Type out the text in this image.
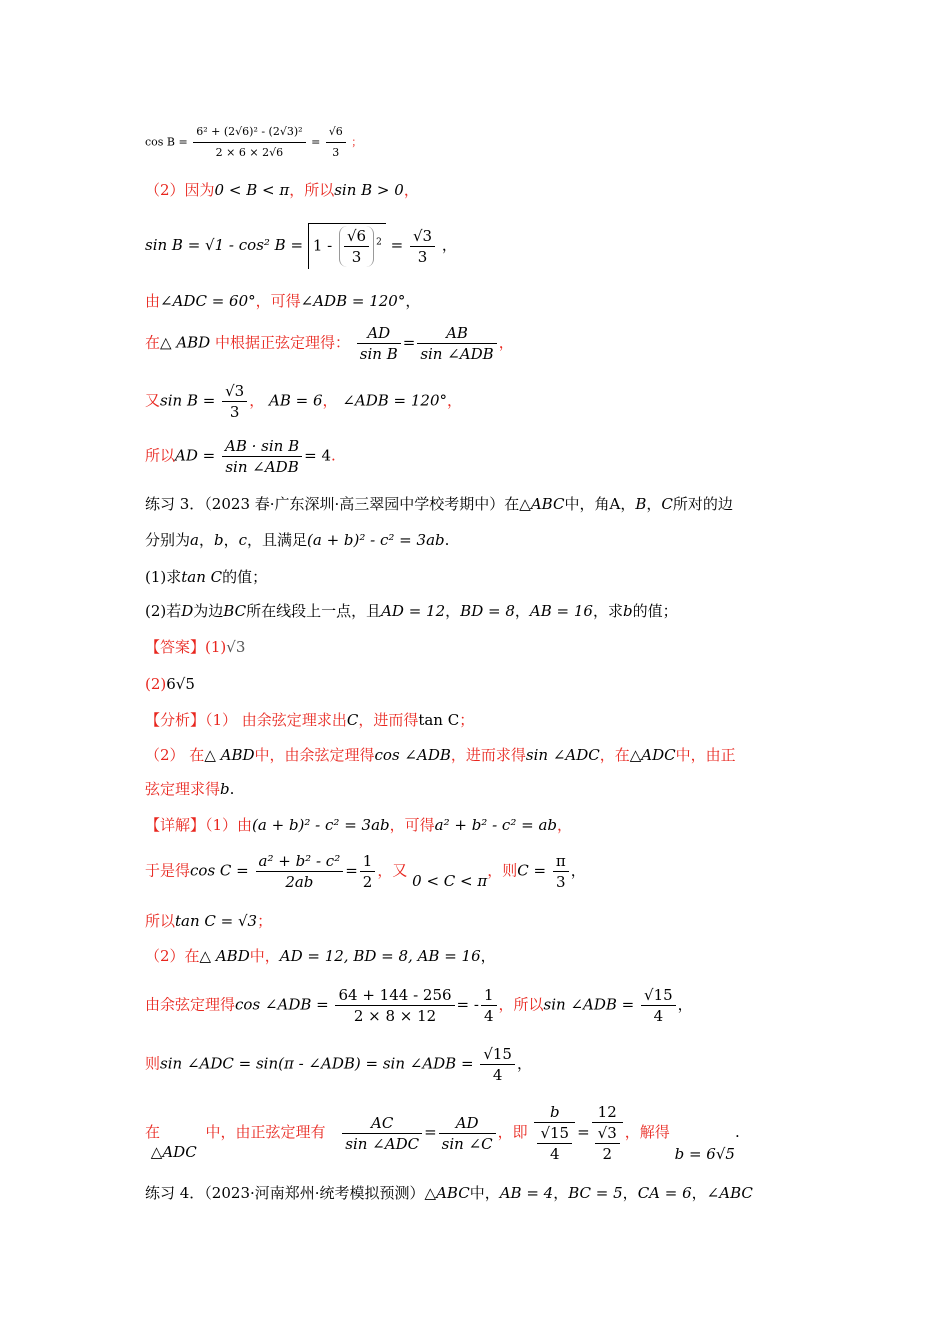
$\cos B = \frac{\text{6² + (2√6)² - (2√3)²}}{2 \times 6 \times 2√6} = \frac{√6}{3}$ ；
（2）因为0 < B < π，所以sin B > 0，
sin B = √1 - cos² $B = 1 - \frac{√6}{3} ^2 = \frac{√3}{3}$ ，
由∠ADC = 60°，可得∠ADB = 120°，
在△ ABD 中根据正弦定理得： $\frac{AD}{\text{sin B}} = \frac{AB}{\text{sin ∠ADB}}$ ，
又$\sin B = \frac{√3}{3}$ ， AB = 6， ∠ADB = 120°，
所以AD = $\frac{\text{AB · sin B}}{\text{sin ∠ADB}} = 4$.
练习 3．（2023 春·广东深圳·高三翠园中学校考期中）在△ABC中，角A，B，C所对的边
分别为a，b，c，且满足(a + b)² - c² = 3ab.
(1)求tan C的值；
(2)若D为边BC所在线段上一点，且AD = 12，BD = 8，AB = 16，求b的值；
【答案】(1)√3
(2)6√5
【分析】（1） 由余弦定理求出C，进而得tan C；
（2） 在△ ABD中，由余弦定理得cos ∠ADB，进而求得sin ∠ADC，在△ADC中，由正
弦定理求得b.
【详解】（1）由(a + b)² - c² = 3ab，可得a² + b² - c² = ab，
于是得$\cos C = \frac{\text{a² + b² - c²}}{2ab} = \frac{1}{2}$ ，又 0 < C < π，则$C = \frac{\pi}{3}$ ，
所以tan C = √3；
（2）在△ ABD中，AD = 12, BD = 8, AB = 16，
由余弦定理得cos ∠ADB = $\frac{64 + 144 - 256}{2 \times 8 \times 12}$ = - $\frac{1}{4}$ ，所以sin ∠ADB = $\frac{√15}{4}$ ，
则sin ∠ADC = sin(π - ∠ADB) = sin ∠ADB = $\frac{√15}{4}$ ，
在 △ADC 中，由正弦定理有 $\frac{AC}{\text{sin ∠ADC}} = \frac{AD}{\sin \angle C}$ ，即 $\frac{b}{\frac{√15}{4}} = \frac{12}{\frac{√3}{2}}$ ，解得 b = 6√5.
练习 4．（2023·河南郑州·统考模拟预测）△ABC中，AB = 4，BC = 5，CA = 6，∠ABC
